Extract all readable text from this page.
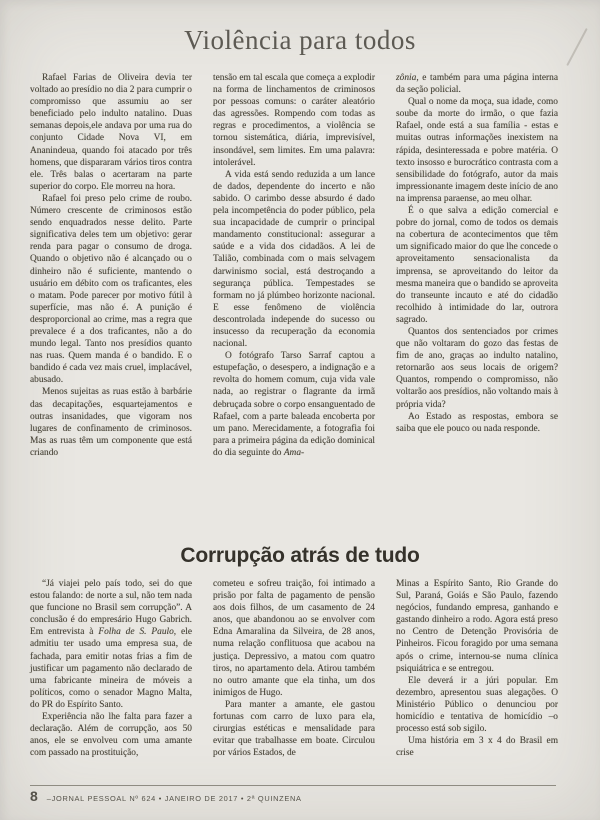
Violência para todos

Rafael Farias de Oliveira devia ter voltado ao presídio no dia 2 para cumprir o compromisso que assumiu ao ser beneficiado pelo indulto natalino. Duas semanas depois,ele andava por uma rua do conjunto Cidade Nova VI, em Ananindeua, quando foi atacado por três homens, que dispararam vários tiros contra ele. Três balas o acertaram na parte superior do corpo. Ele morreu na hora.

Rafael foi preso pelo crime de roubo. Número crescente de criminosos estão sendo enquadrados nesse delito. Parte significativa deles tem um objetivo: gerar renda para pagar o consumo de droga. Quando o objetivo não é alcançado ou o dinheiro não é suficiente, mantendo o usuário em débito com os traficantes, eles o matam. Pode parecer por motivo fútil à superfície, mas não é. A punição é desproporcional ao crime, mas a regra que prevalece é a dos traficantes, não a do mundo legal. Tanto nos presídios quanto nas ruas. Quem manda é o bandido. E o bandido é cada vez mais cruel, implacável, abusado.

Menos sujeitas as ruas estão à barbárie das decapitações, esquartejamentos e outras insanidades, que vigoram nos lugares de confinamento de criminosos. Mas as ruas têm um componente que está criando

tensão em tal escala que começa a explodir na forma de linchamentos de criminosos por pessoas comuns: o caráter aleatório das agressões. Rompendo com todas as regras e procedimentos, a violência se tornou sistemática, diária, imprevisível, insondável, sem limites. Em uma palavra: intolerável.

A vida está sendo reduzida a um lance de dados, dependente do incerto e não sabido. O carimbo desse absurdo é dado pela incompetência do poder público, pela sua incapacidade de cumprir o principal mandamento constitucional: assegurar a saúde e a vida dos cidadãos. A lei de Talião, combinada com o mais selvagem darwinismo social, está destroçando a segurança pública. Tempestades se formam no já plúmbeo horizonte nacional. E esse fenômeno de violência descontrolada independe do sucesso ou insucesso da recuperação da economia nacional.

O fotógrafo Tarso Sarraf captou a estupefação, o desespero, a indignação e a revolta do homem comum, cuja vida vale nada, ao registrar o flagrante da irmã debruçada sobre o corpo ensanguentado de Rafael, com a parte baleada encoberta por um pano. Merecidamente, a fotografia foi para a primeira página da edição dominical do dia seguinte do Ama-

zônia, e também para uma página interna da seção policial.

Qual o nome da moça, sua idade, como soube da morte do irmão, o que fazia Rafael, onde está a sua família - estas e muitas outras informações inexistem na rápida, desinteressada e pobre matéria. O texto insosso e burocrático contrasta com a sensibilidade do fotógrafo, autor da mais impressionante imagem deste início de ano na imprensa paraense, ao meu olhar.

É o que salva a edição comercial e pobre do jornal, como de todos os demais na cobertura de acontecimentos que têm um significado maior do que lhe concede o aproveitamento sensacionalista da imprensa, se aproveitando do leitor da mesma maneira que o bandido se aproveita do transeunte incauto e até do cidadão recolhido à intimidade do lar, outrora sagrado.

Quantos dos sentenciados por crimes que não voltaram do gozo das festas de fim de ano, graças ao indulto natalino, retornarão aos seus locais de origem? Quantos, rompendo o compromisso, não voltarão aos presídios, não voltando mais à própria vida?

Ao Estado as respostas, embora se saiba que ele pouco ou nada responde.

Corrupção atrás de tudo

“Já viajei pelo país todo, sei do que estou falando: de norte a sul, não tem nada que funcione no Brasil sem corrupção”. A conclusão é do empresário Hugo Gabrich. Em entrevista à Folha de S. Paulo, ele admitiu ter usado uma empresa sua, de fachada, para emitir notas frias a fim de justificar um pagamento não declarado de uma fabricante mineira de móveis a políticos, como o senador Magno Malta, do PR do Espírito Santo.

Experiência não lhe falta para fazer a declaração. Além de corrupção, aos 50 anos, ele se envolveu com uma amante com passado na prostituição,

cometeu e sofreu traição, foi intimado a prisão por falta de pagamento de pensão aos dois filhos, de um casamento de 24 anos, que abandonou ao se envolver com Edna Amaralina da Silveira, de 28 anos, numa relação conflituosa que acabou na justiça. Depressivo, a matou com quatro tiros, no apartamento dela. Atirou também no outro amante que ela tinha, um dos inimigos de Hugo.

Para manter a amante, ele gastou fortunas com carro de luxo para ela, cirurgias estéticas e mensalidade para evitar que trabalhasse em boate. Circulou por vários Estados, de

Minas a Espírito Santo, Rio Grande do Sul, Paraná, Goiás e São Paulo, fazendo negócios, fundando empresa, ganhando e gastando dinheiro a rodo. Agora está preso no Centro de Detenção Provisória de Pinheiros. Ficou foragido por uma semana após o crime, internou-se numa clínica psiquiátrica e se entregou.

Ele deverá ir a júri popular. Em dezembro, apresentou suas alegações. O Ministério Público o denunciou por homicídio e tentativa de homicídio –o processo está sob sigilo.

Uma história em 3 x 4 do Brasil em crise

8 –JORNAL PESSOAL Nº 624 • JANEIRO DE 2017 • 2ª QUINZENA
